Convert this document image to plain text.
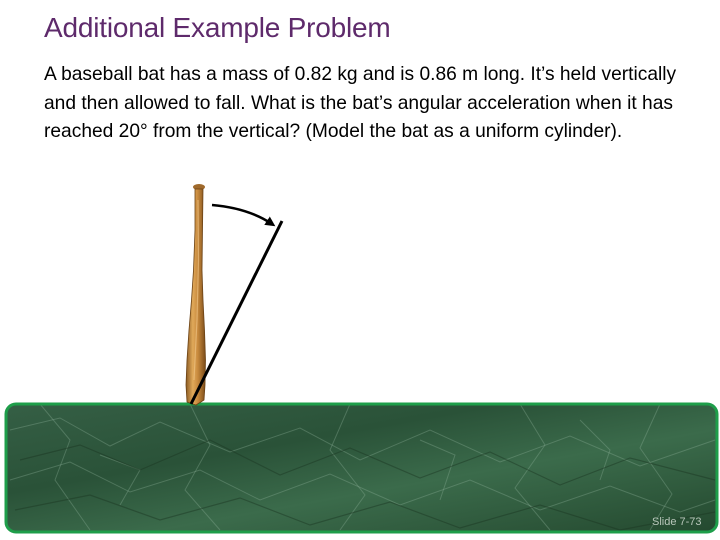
Additional Example Problem
A baseball bat has a mass of 0.82 kg and is 0.86 m long. It’s held vertically and then allowed to fall. What is the bat’s angular acceleration when it has reached 20° from the vertical? (Model the bat as a uniform cylinder).
Slide 7-73
